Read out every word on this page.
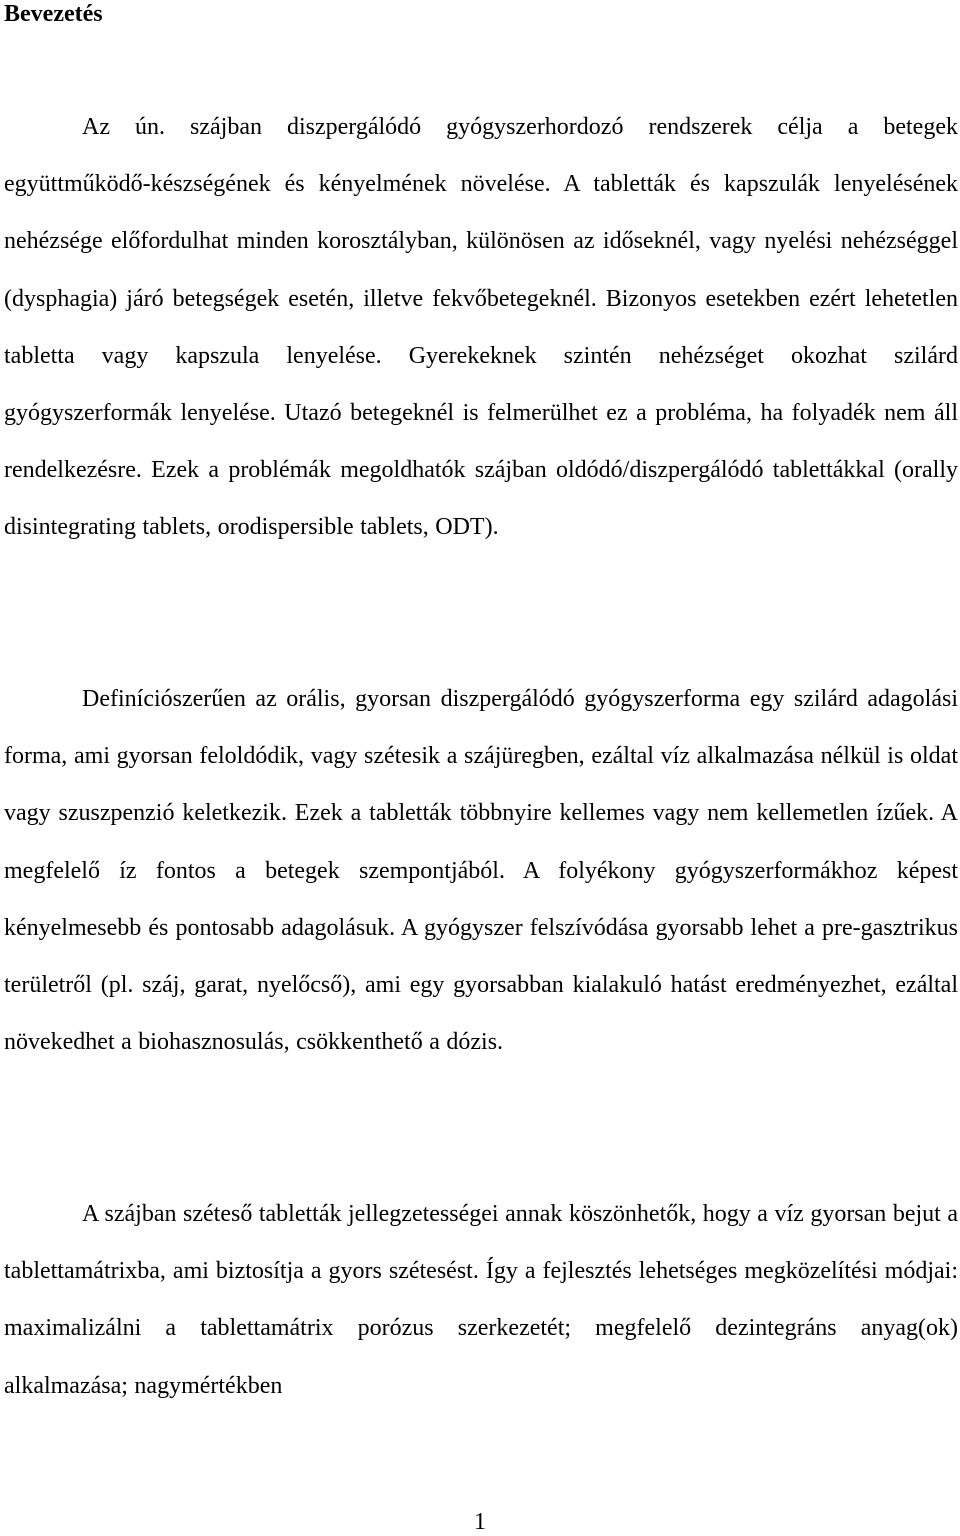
Bevezetés

Az ún. szájban diszpergálódó gyógyszerhordozó rendszerek célja a betegek együttműködő-készségének és kényelmének növelése. A tabletták és kapszulák lenyelésének nehézsége előfordulhat minden korosztályban, különösen az időseknél, vagy nyelési nehézséggel (dysphagia) járó betegségek esetén, illetve fekvőbetegeknél. Bizonyos esetekben ezért lehetetlen tabletta vagy kapszula lenyelése. Gyerekeknek szintén nehézséget okozhat szilárd gyógyszerformák lenyelése. Utazó betegeknél is felmerülhet ez a probléma, ha folyadék nem áll rendelkezésre. Ezek a problémák megoldhatók szájban oldódó/diszpergálódó tablettákkal (orally disintegrating tablets, orodispersible tablets, ODT).

Definíciószerűen az orális, gyorsan diszpergálódó gyógyszerforma egy szilárd adagolási forma, ami gyorsan feloldódik, vagy szétesik a szájüregben, ezáltal víz alkalmazása nélkül is oldat vagy szuszpenzió keletkezik. Ezek a tabletták többnyire kellemes vagy nem kellemetlen ízűek. A megfelelő íz fontos a betegek szempontjából. A folyékony gyógyszerformákhoz képest kényelmesebb és pontosabb adagolásuk. A gyógyszer felszívódása gyorsabb lehet a pre-gasztrikus területről (pl. száj, garat, nyelőcső), ami egy gyorsabban kialakuló hatást eredményezhet, ezáltal növekedhet a biohasznosulás, csökkenthető a dózis.

A szájban széteső tabletták jellegzetességei annak köszönhetők, hogy a víz gyorsan bejut a tablettamátrixba, ami biztosítja a gyors szétesést. Így a fejlesztés lehetséges megközelítési módjai: maximalizálni a tablettamátrix porózus szerkezetét; megfelelő dezintegráns anyag(ok) alkalmazása; nagymértékben

1
